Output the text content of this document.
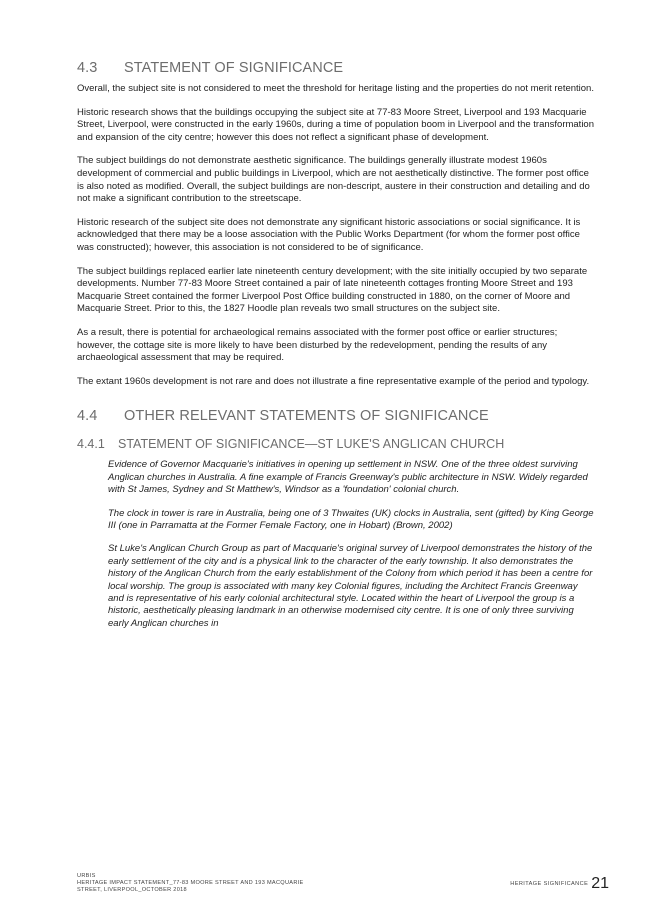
4.3 STATEMENT OF SIGNIFICANCE

Overall, the subject site is not considered to meet the threshold for heritage listing and the properties do not merit retention.

Historic research shows that the buildings occupying the subject site at 77-83 Moore Street, Liverpool and 193 Macquarie Street, Liverpool, were constructed in the early 1960s, during a time of population boom in Liverpool and the transformation and expansion of the city centre; however this does not reflect a significant phase of development.

The subject buildings do not demonstrate aesthetic significance. The buildings generally illustrate modest 1960s development of commercial and public buildings in Liverpool, which are not aesthetically distinctive. The former post office is also noted as modified. Overall, the subject buildings are non-descript, austere in their construction and detailing and do not make a significant contribution to the streetscape.

Historic research of the subject site does not demonstrate any significant historic associations or social significance. It is acknowledged that there may be a loose association with the Public Works Department (for whom the former post office was constructed); however, this association is not considered to be of significance.

The subject buildings replaced earlier late nineteenth century development; with the site initially occupied by two separate developments. Number 77-83 Moore Street contained a pair of late nineteenth cottages fronting Moore Street and 193 Macquarie Street contained the former Liverpool Post Office building constructed in 1880, on the corner of Moore and Macquarie Street. Prior to this, the 1827 Hoodle plan reveals two small structures on the subject site.

As a result, there is potential for archaeological remains associated with the former post office or earlier structures; however, the cottage site is more likely to have been disturbed by the redevelopment, pending the results of any archaeological assessment that may be required.

The extant 1960s development is not rare and does not illustrate a fine representative example of the period and typology.

4.4 OTHER RELEVANT STATEMENTS OF SIGNIFICANCE
4.4.1 STATEMENT OF SIGNIFICANCE—ST LUKE'S ANGLICAN CHURCH

Evidence of Governor Macquarie's initiatives in opening up settlement in NSW. One of the three oldest surviving Anglican churches in Australia. A fine example of Francis Greenway's public architecture in NSW. Widely regarded with St James, Sydney and St Matthew's, Windsor as a 'foundation' colonial church.

The clock in tower is rare in Australia, being one of 3 Thwaites (UK) clocks in Australia, sent (gifted) by King George III (one in Parramatta at the Former Female Factory, one in Hobart) (Brown, 2002)

St Luke's Anglican Church Group as part of Macquarie's original survey of Liverpool demonstrates the history of the early settlement of the city and is a physical link to the character of the early township. It also demonstrates the history of the Anglican Church from the early establishment of the Colony from which period it has been a centre for local worship. The group is associated with many key Colonial figures, including the Architect Francis Greenway and is representative of his early colonial architectural style. Located within the heart of Liverpool the group is a historic, aesthetically pleasing landmark in an otherwise modernised city centre. It is one of only three surviving early Anglican churches in

URBIS
HERITAGE IMPACT STATEMENT_77-83 MOORE STREET AND 193 MACQUARIE
STREET, LIVERPOOL_OCTOBER 2018
HERITAGE SIGNIFICANCE 21
